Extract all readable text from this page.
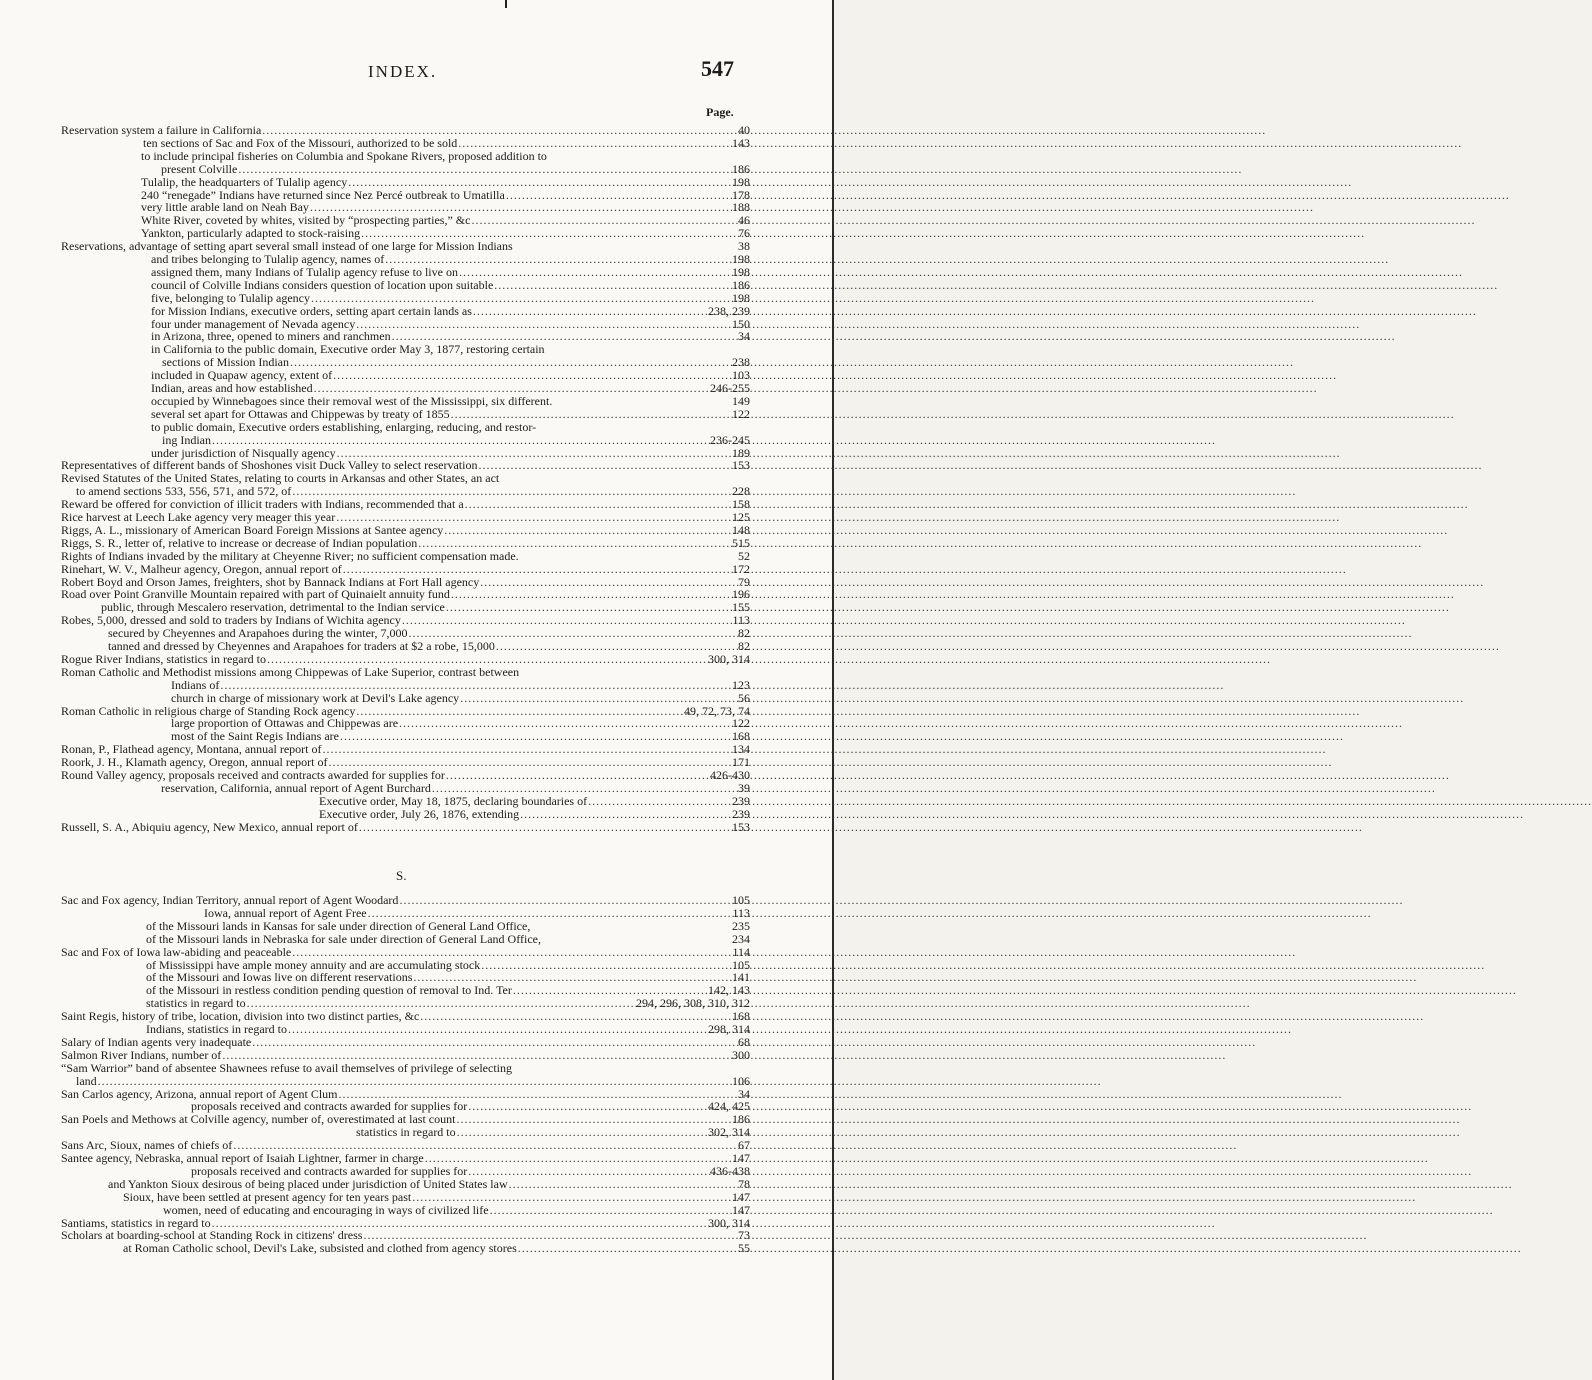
INDEX.	547
Page.
S.
Reservation system a failure in California .....	40
ten sections of Sac and Fox of the Missouri, authorized to be sold .....	143
to include principal fisheries on Columbia and Spokane Rivers, proposed addition to
present Colville .....	186
Tulalip, the headquarters of Tulalip agency .....	198
240 “renegade” Indians have returned since Nez Percé outbreak to Umatilla .....	178
very little arable land on Neah Bay .....	188
White River, coveted by whites, visited by “prospecting parties,” &c .....	46
Yankton, particularly adapted to stock-raising .....	76
Reservations, advantage of setting apart several small instead of one large for Mission Indians	38
and tribes belonging to Tulalip agency, names of .....	198
assigned them, many Indians of Tulalip agency refuse to live on .....	198
council of Colville Indians considers question of location upon suitable .....	186
five, belonging to Tulalip agency .....	198
for Mission Indians, executive orders, setting apart certain lands as .....	238, 239
four under management of Nevada agency .....	150
in Arizona, three, opened to miners and ranchmen .....	34
in California to the public domain, Executive order May 3, 1877, restoring certain
sections of Mission Indian .....	238
included in Quapaw agency, extent of .....	103
Indian, areas and how established .....	246-255
occupied by Winnebagoes since their removal west of the Mississippi, six different.	149
several set apart for Ottawas and Chippewas by treaty of 1855 .....	122
to public domain, Executive orders establishing, enlarging, reducing, and restor-
ing Indian .....	236-245
under jurisdiction of Nisqually agency .....	189
Representatives of different bands of Shoshones visit Duck Valley to select reservation .....	153
Revised Statutes of the United States, relating to courts in Arkansas and other States, an act
to amend sections 533, 556, 571, and 572, of .....	228
Reward be offered for conviction of illicit traders with Indians, recommended that a .....	158
Rice harvest at Leech Lake agency very meager this year .....	125
Riggs, A. L., missionary of American Board Foreign Missions at Santee agency .....	148
Riggs, S. R., letter of, relative to increase or decrease of Indian population .....	515
Rights of Indians invaded by the military at Cheyenne River; no sufficient compensation made.	52
Rinehart, W. V., Malheur agency, Oregon, annual report of .....	172
Robert Boyd and Orson James, freighters, shot by Bannack Indians at Fort Hall agency .....	79
Road over Point Granville Mountain repaired with part of Quinaielt annuity fund .....	196
public, through Mescalero reservation, detrimental to the Indian service .....	155
Robes, 5,000, dressed and sold to traders by Indians of Wichita agency .....	113
secured by Cheyennes and Arapahoes during the winter, 7,000 .....	82
tanned and dressed by Cheyennes and Arapahoes for traders at $2 a robe, 15,000 .....	82
Rogue River Indians, statistics in regard to .....	300, 314
Roman Catholic and Methodist missions among Chippewas of Lake Superior, contrast between
Indians of .....	123
church in charge of missionary work at Devil's Lake agency .....	56
Roman Catholic in religious charge of Standing Rock agency .....	49, 72, 73, 74
large proportion of Ottawas and Chippewas are .....	122
most of the Saint Regis Indians are .....	168
Ronan, P., Flathead agency, Montana, annual report of .....	134
Roork, J. H., Klamath agency, Oregon, annual report of .....	171
Round Valley agency, proposals received and contracts awarded for supplies for .....	426-430
reservation, California, annual report of Agent Burchard .....	39
Executive order, May 18, 1875, declaring boundaries of .....	239
Executive order, July 26, 1876, extending .....	239
Russell, S. A., Abiquiu agency, New Mexico, annual report of .....	153
Sac and Fox agency, Indian Territory, annual report of Agent Woodard .....	105
Iowa, annual report of Agent Free .....	113
of the Missouri lands in Kansas for sale under direction of General Land Office,	235
of the Missouri lands in Nebraska for sale under direction of General Land Office,	234
Sac and Fox of Iowa law-abiding and peaceable .....	114
of Mississippi have ample money annuity and are accumulating stock .....	105
of the Missouri and Iowas live on different reservations .....	141
of the Missouri in restless condition pending question of removal to Ind. Ter .....	142, 143
statistics in regard to .....	294, 296, 308, 310, 312
Saint Regis, history of tribe, location, division into two distinct parties, &c .....	168
Indians, statistics in regard to .....	298, 314
Salary of Indian agents very inadequate .....	68
Salmon River Indians, number of .....	300
“Sam Warrior” band of absentee Shawnees refuse to avail themselves of privilege of selecting
land .....	106
San Carlos agency, Arizona, annual report of Agent Clum .....	34
proposals received and contracts awarded for supplies for .....	424, 425
San Poels and Methows at Colville agency, number of, overestimated at last count .....	186
statistics in regard to .....	302, 314
Sans Arc, Sioux, names of chiefs of .....	67
Santee agency, Nebraska, annual report of Isaiah Lightner, farmer in charge .....	147
proposals received and contracts awarded for supplies for .....	436-438
and Yankton Sioux desirous of being placed under jurisdiction of United States law .....	78
Sioux, have been settled at present agency for ten years past .....	147
women, need of educating and encouraging in ways of civilized life .....	147
Santiams, statistics in regard to .....	300, 314
Scholars at boarding-school at Standing Rock in citizens' dress .....	73
at Roman Catholic school, Devil's Lake, subsisted and clothed from agency stores .....	55
